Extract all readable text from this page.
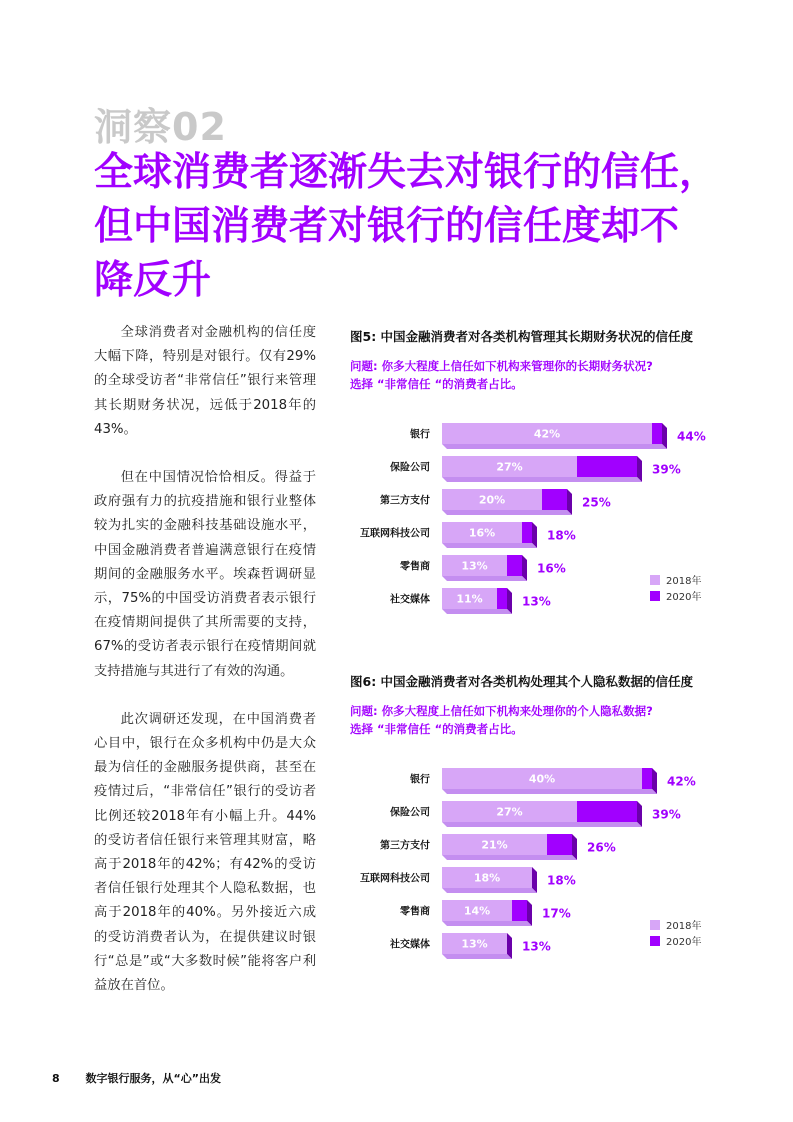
洞察02
全球消费者逐渐失去对银行的信任，
但中国消费者对银行的信任度却不
降反升

全球消费者对金融机构的信任度大幅下降，特别是对银行。仅有29%的全球受访者“非常信任”银行来管理其长期财务状况，远低于2018年的43%。

但在中国情况恰恰相反。得益于政府强有力的抗疫措施和银行业整体较为扎实的金融科技基础设施水平，中国金融消费者普遍满意银行在疫情期间的金融服务水平。埃森哲调研显示，75%的中国受访消费者表示银行在疫情期间提供了其所需要的支持，67%的受访者表示银行在疫情期间就支持措施与其进行了有效的沟通。

此次调研还发现，在中国消费者心目中，银行在众多机构中仍是大众最为信任的金融服务提供商，甚至在疫情过后，“非常信任”银行的受访者比例还较2018年有小幅上升。44%的受访者信任银行来管理其财富，略高于2018年的42%；有42%的受访者信任银行处理其个人隐私数据，也高于2018年的40%。另外接近六成的受访消费者认为，在提供建议时银行“总是”或“大多数时候”能将客户利益放在首位。

图5: 中国金融消费者对各类机构管理其长期财务状况的信任度
问题: 你多大程度上信任如下机构来管理你的长期财务状况?
选择 “非常信任 “的消费者占比。
银行	42%	44%
保险公司	27%	39%
第三方支付	20%	25%
互联网科技公司	16%	18%
零售商	13%	16%
社交媒体 11%	13%
2018年
2020年
图6: 中国金融消费者对各类机构处理其个人隐私数据的信任度
问题: 你多大程度上信任如下机构来处理你的个人隐私数据?
选择 “非常信任 “的消费者占比。
银行	40%	42%
保险公司	27%	39%
第三方支付	21%	26%
互联网科技公司	18%	18%
零售商	14%	17%
社交媒体	13%	13%
2018年
2020年
8 数字银行服务，从“心”出发
